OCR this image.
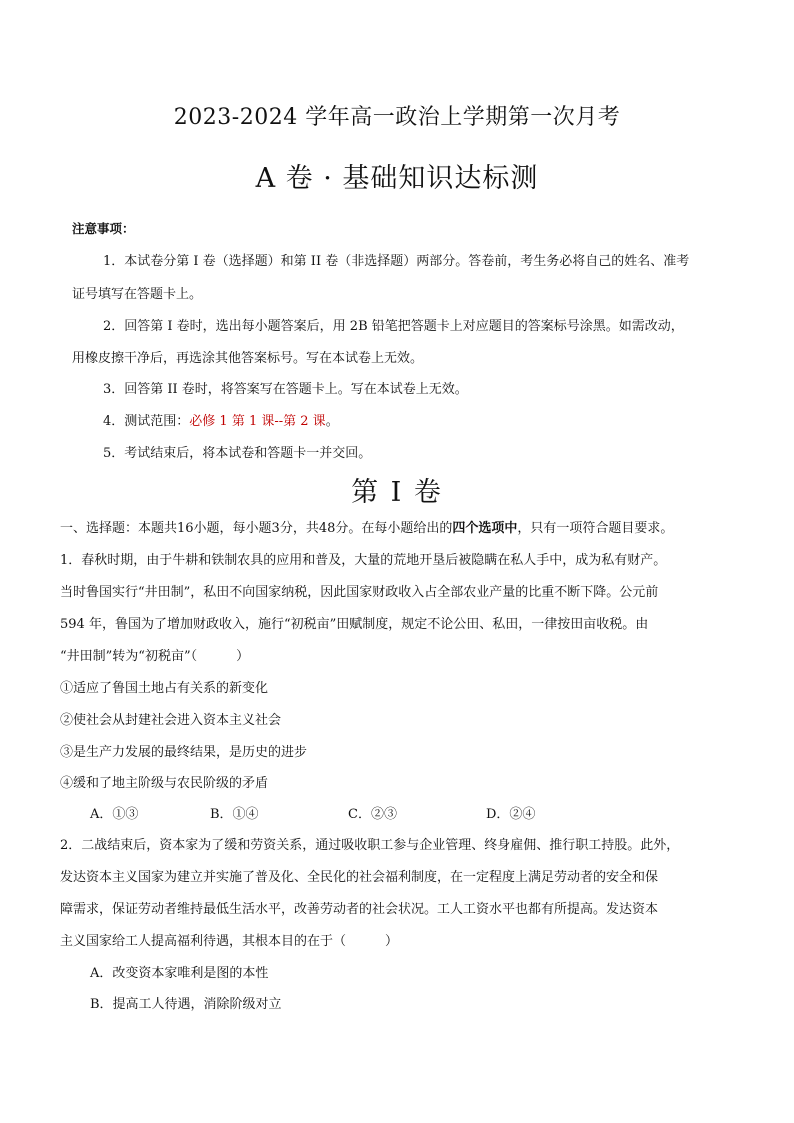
2023-2024 学年高一政治上学期第一次月考
A 卷 · 基础知识达标测
注意事项：
1．本试卷分第 I 卷（选择题）和第 II 卷（非选择题）两部分。答卷前，考生务必将自己的姓名、准考
证号填写在答题卡上。
2．回答第 I 卷时，选出每小题答案后，用 2B 铅笔把答题卡上对应题目的答案标号涂黑。如需改动，
用橡皮擦干净后，再选涂其他答案标号。写在本试卷上无效。
3．回答第 II 卷时，将答案写在答题卡上。写在本试卷上无效。
4．测试范围：必修 1 第 1 课--第 2 课。
5．考试结束后，将本试卷和答题卡一并交回。
第 I 卷
一、选择题：本题共16小题，每小题3分，共48分。在每小题给出的四个选项中，只有一项符合题目要求。
1．春秋时期，由于牛耕和铁制农具的应用和普及，大量的荒地开垦后被隐瞒在私人手中，成为私有财产。
当时鲁国实行“井田制”，私田不向国家纳税，因此国家财政收入占全部农业产量的比重不断下降。公元前
594 年，鲁国为了增加财政收入，施行“初税亩”田赋制度，规定不论公田、私田，一律按田亩收税。由
“井田制”转为“初税亩”（　　　）
①适应了鲁国土地占有关系的新变化
②使社会从封建社会进入资本主义社会
③是生产力发展的最终结果，是历史的进步
④缓和了地主阶级与农民阶级的矛盾
A．①③	B．①④	C．②③	D．②④
2．二战结束后，资本家为了缓和劳资关系，通过吸收职工参与企业管理、终身雇佣、推行职工持股。此外，
发达资本主义国家为建立并实施了普及化、全民化的社会福利制度，在一定程度上满足劳动者的安全和保
障需求，保证劳动者维持最低生活水平，改善劳动者的社会状况。工人工资水平也都有所提高。发达资本
主义国家给工人提高福利待遇，其根本目的在于（　　　）
A．改变资本家唯利是图的本性
B．提高工人待遇，消除阶级对立
